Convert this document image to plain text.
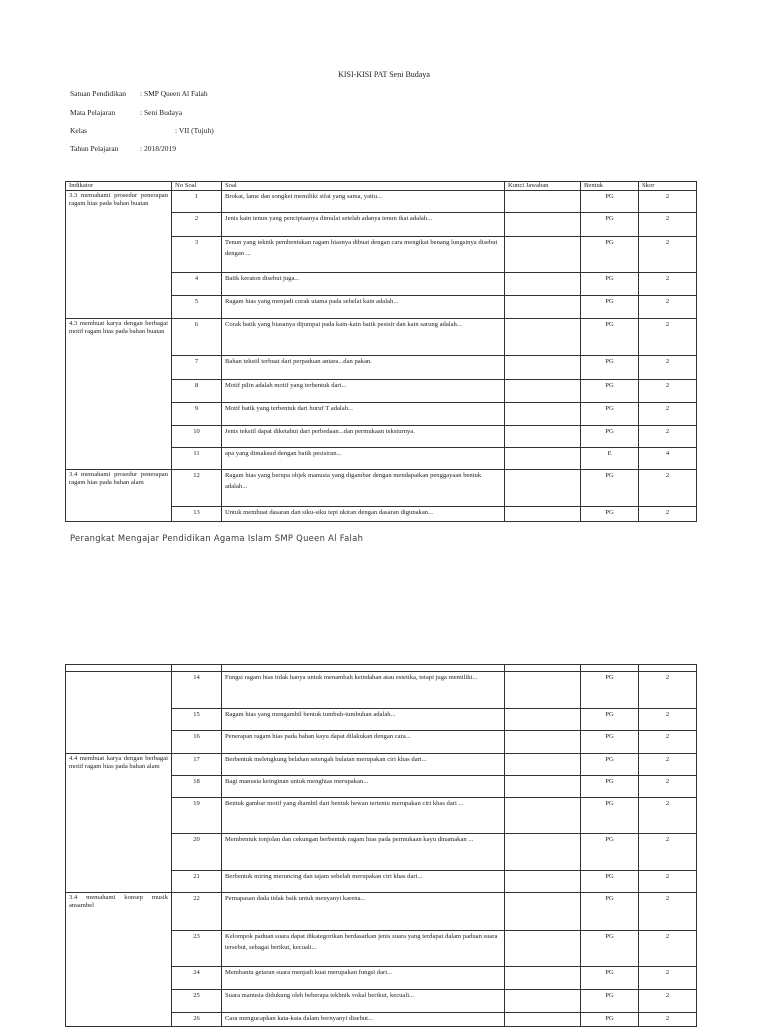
KISI-KISI PAT Seni Budaya
Satuan Pendidikan : SMP Queen Al Falah
Mata Pelajaran	: Seni Budaya
Kelas	: VII (Tujuh)
Tahun Pelajaran	: 2018/2019
Indikator	No Soal	Soal	Kunci Jawaban	Bentuk	Skor
3.3 memahami prosedur penerapan ragam hias pada bahan buatan	1	Brokat, lame dan songket memiliki sifat yang sama, yaitu...		PG	2
	2	Jenis kain tenun yang penciptaanya dimulai setelah adanya tenun ikat adalah...		PG	2
	3	Tenun yang teknik pembentukan ragam hiasnya dibuat dengan cara mengikat benang lungsinya disebut dengan ...		PG	2
	4	Batik keraton disebut juga...		PG	2
	5	Ragam hias yang menjadi corak utama pada sehelai kain adalah...		PG	2
4.3 membuat karya dengan berbagai motif ragam hias pada bahan buatan	6	Corak batik yang biasanya dijumpai pada kain-kain batik pesisir dan kain sarung adalah...		PG	2
	7	Bahan tekstil terbuat dari perpaduan antara...dan pakan.		PG	2
	8	Motif pilin adalah motif yang terbentuk dari...		PG	2
	9	Motif batik yang terbentuk dari huruf T adalah...		PG	2
	10	Jenis tekstil dapat diketahui dari perbedaan...dan permukaan teksturnya.		PG	2
	11	apa yang dimaksud dengan batik pesisiran...		E	4
3.4 memahami prosedur penerapan ragam hias pada bahan alam	12	Ragam hias yang berupa objek manusia yang digambar dengan mendapatkan penggayaan bentuk adalah...		PG	2
	13	Untuk membuat dasaran dan siku-siku tepi ukiran dengan dasaran digunakan...		PG	2
Perangkat Mengajar Pendidikan Agama Islam SMP Queen Al Falah

	14	Fungsi ragam hias tidak hanya untuk menambah keindahan atau estetika, tetapi juga memiliki...		PG	2
	15	Ragam hias yang mengambil bentuk tumbuh-tumbuhan adalah...		PG	2
	16	Penerapan ragam hias pada bahan kayu dapat dilakukan dengan cara...		PG	2
4.4 membuat karya dengan berbagai motif ragam hias pada bahan alam	17	Berbentuk melengkung belahan setengah bulatan merupakan ciri khas dari...		PG	2
	18	Bagi manusia keinginan untuk menghias merupakan...		PG	2
	19	Bentuk gambar motif yang diambil dari bentuk hewan tertentu merupakan ciri khas dari ...		PG	2
	20	Membentuk tonjolan dan cekungan berbentuk ragam hias pada permukaan kayu dinamakan ...		PG	2
	21	Berbentuk miring meruncing dan tajam sebelah merupakan ciri khas dari...		PG	2
3.4 memahami konsep musik ansambel	22	Pernapasan dada tidak baik untuk menyanyi karena...		PG	2
	23	Kelompok paduan suara dapat dikategorikan berdasarkan jenis suara yang terdapat dalam paduan suara tersebut, sebagai berikut, kecuali...		PG	2
	24	Membantu getaran suara menjadi kuat merupakan fungsi dari...		PG	2
	25	Suara manusia didukung oleh beberapa tekhnik vokal berikut, kecuali...		PG	2
	26	Cara mengucapkan kata-kata dalam bernyanyi disebut...		PG	2
